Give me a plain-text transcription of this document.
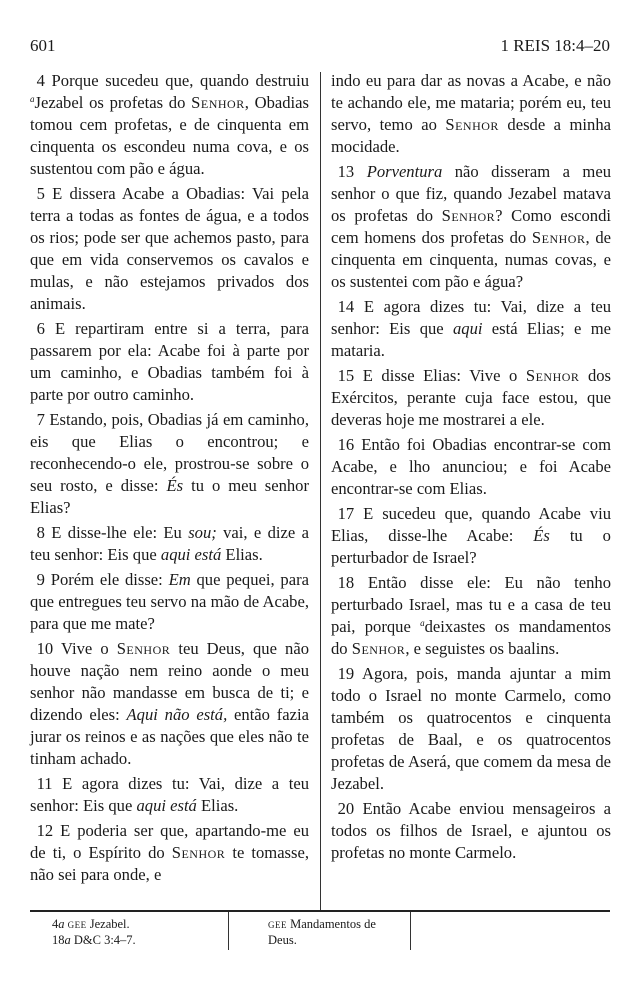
601	1 REIS 18:4–20

4 Porque sucedeu que, quando destruiu $^a$Jezabel os profetas do Senhor, Obadias tomou cem profetas, e de cinquenta em cinquenta os escondeu numa cova, e os sustentou com pão e água.

5 E dissera Acabe a Obadias: Vai pela terra a todas as fontes de água, e a todos os rios; pode ser que achemos pasto, para que em vida conservemos os cavalos e mulas, e não estejamos privados dos animais.

6 E repartiram entre si a terra, para passarem por ela: Acabe foi à parte por um caminho, e Obadias também foi à parte por outro caminho.

7 Estando, pois, Obadias já em caminho, eis que Elias o encontrou; e reconhecendo-o ele, prostrou-se sobre o seu rosto, e disse: És tu o meu senhor Elias?

8 E disse-lhe ele: Eu sou; vai, e dize a teu senhor: Eis que aqui está Elias.

9 Porém ele disse: Em que pequei, para que entregues teu servo na mão de Acabe, para que me mate?

10 Vive o Senhor teu Deus, que não houve nação nem reino aonde o meu senhor não mandasse em busca de ti; e dizendo eles: Aqui não está, então fazia jurar os reinos e as nações que eles não te tinham achado.

11 E agora dizes tu: Vai, dize a teu senhor: Eis que aqui está Elias.

12 E poderia ser que, apartando-me eu de ti, o Espírito do Senhor te tomasse, não sei para onde, e

indo eu para dar as novas a Acabe, e não te achando ele, me mataria; porém eu, teu servo, temo ao Senhor desde a minha mocidade.

13 Porventura não disseram a meu senhor o que fiz, quando Jezabel matava os profetas do Senhor? Como escondi cem homens dos profetas do Senhor, de cinquenta em cinquenta, numas covas, e os sustentei com pão e água?

14 E agora dizes tu: Vai, dize a teu senhor: Eis que aqui está Elias; e me mataria.

15 E disse Elias: Vive o Senhor dos Exércitos, perante cuja face estou, que deveras hoje me mostrarei a ele.

16 Então foi Obadias encontrar-se com Acabe, e lho anunciou; e foi Acabe encontrar-se com Elias.

17 E sucedeu que, quando Acabe viu Elias, disse-lhe Acabe: És tu o perturbador de Israel?

18 Então disse ele: Eu não tenho perturbado Israel, mas tu e a casa de teu pai, porque $^a$deixastes os mandamentos do Senhor, e seguistes os baalins.

19 Agora, pois, manda ajuntar a mim todo o Israel no monte Carmelo, como também os quatrocentos e cinquenta profetas de Baal, e os quatrocentos profetas de Aserá, que comem da mesa de Jezabel.

20 Então Acabe enviou mensageiros a todos os filhos de Israel, e ajuntou os profetas no monte Carmelo.

4a gee Jezabel.
18a D&C 3:4–7.
gee Mandamentos de
Deus.
